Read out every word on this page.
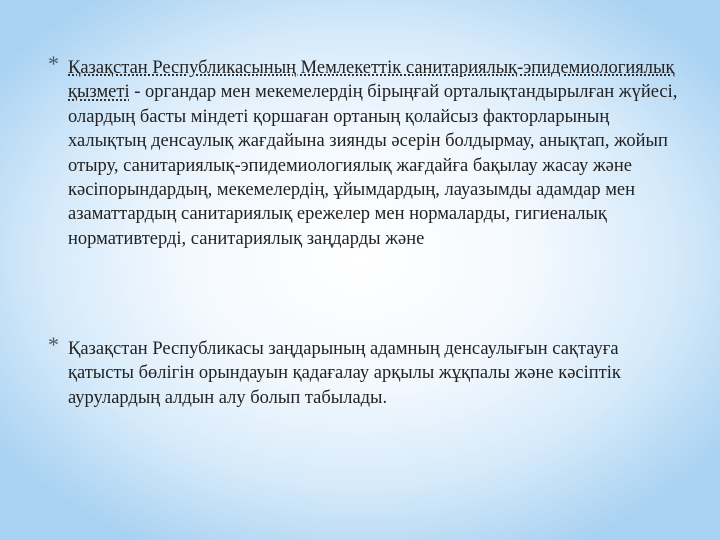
* Қазақстан Республикасының Мемлекеттік санитариялық-эпидемиологиялық қызметі - органдар мен мекемелердің бірыңғай орталықтандырылған жүйесі, олардың басты міндеті қоршаған ортаның қолайсыз факторларының халықтың денсаулық жағдайына зиянды әсерін болдырмау, анықтап, жойып отыру, санитариялық-эпидемиологиялық жағдайға бақылау жасау және кәсіпорындардың, мекемелердің, ұйымдардың, лауазымды адамдар мен азаматтардың санитариялық ережелер мен нормаларды, гигиеналық нормативтерді, санитариялық заңдарды және

* Қазақстан Республикасы заңдарының адамның денсаулығын сақтауға қатысты бөлігін орындауын қадағалау арқылы жұқпалы және кәсіптік аурулардың алдын алу болып табылады.
